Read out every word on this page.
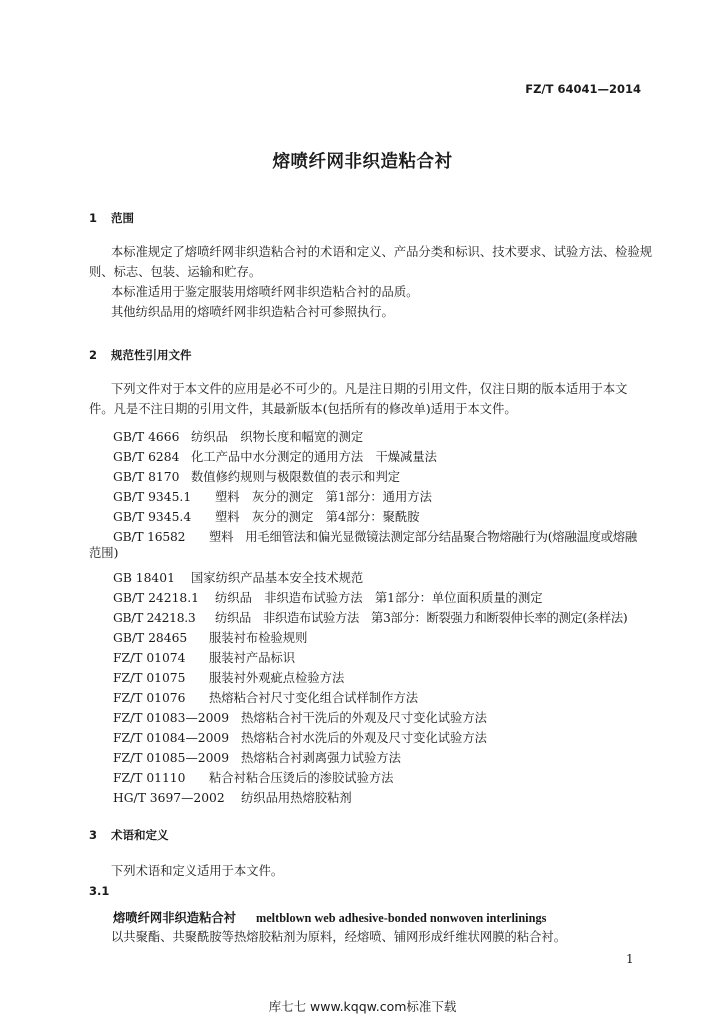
FZ/T 64041—2014
熔喷纤网非织造粘合衬
1 范围
本标准规定了熔喷纤网非织造粘合衬的术语和定义、产品分类和标识、技术要求、试验方法、检验规
则、标志、包装、运输和贮存。
本标准适用于鉴定服装用熔喷纤网非织造粘合衬的品质。
其他纺织品用的熔喷纤网非织造粘合衬可参照执行。
2 规范性引用文件
下列文件对于本文件的应用是必不可少的。凡是注日期的引用文件，仅注日期的版本适用于本文
件。凡是不注日期的引用文件，其最新版本(包括所有的修改单)适用于本文件。
GB/T 4666 纺织品　织物长度和幅宽的测定
GB/T 6284 化工产品中水分测定的通用方法　干燥减量法
GB/T 8170 数值修约规则与极限数值的表示和判定
GB/T 9345.1 塑料　灰分的测定　第1部分：通用方法
GB/T 9345.4 塑料　灰分的测定　第4部分：聚酰胺
GB/T 16582 塑料　用毛细管法和偏光显微镜法测定部分结晶聚合物熔融行为(熔融温度或熔融
范围)
GB 18401 国家纺织产品基本安全技术规范
GB/T 24218.1 纺织品　非织造布试验方法　第1部分：单位面积质量的测定
GB/T 24218.3 纺织品　非织造布试验方法　第3部分：断裂强力和断裂伸长率的测定(条样法)
GB/T 28465 服装衬布检验规则
FZ/T 01074 服装衬产品标识
FZ/T 01075 服装衬外观疵点检验方法
FZ/T 01076 热熔粘合衬尺寸变化组合试样制作方法
FZ/T 01083—2009 热熔粘合衬干洗后的外观及尺寸变化试验方法
FZ/T 01084—2009 热熔粘合衬水洗后的外观及尺寸变化试验方法
FZ/T 01085—2009 热熔粘合衬剥离强力试验方法
FZ/T 01110 粘合衬粘合压烫后的渗胶试验方法
HG/T 3697—2002 纺织品用热熔胶粘剂
3 术语和定义
下列术语和定义适用于本文件。
3.1
熔喷纤网非织造粘合衬 meltblown web adhesive-bonded nonwoven interlinings
以共聚酯、共聚酰胺等热熔胶粘剂为原料，经熔喷、铺网形成纤维状网膜的粘合衬。
1
库七七 www.kqqw.com标准下载
